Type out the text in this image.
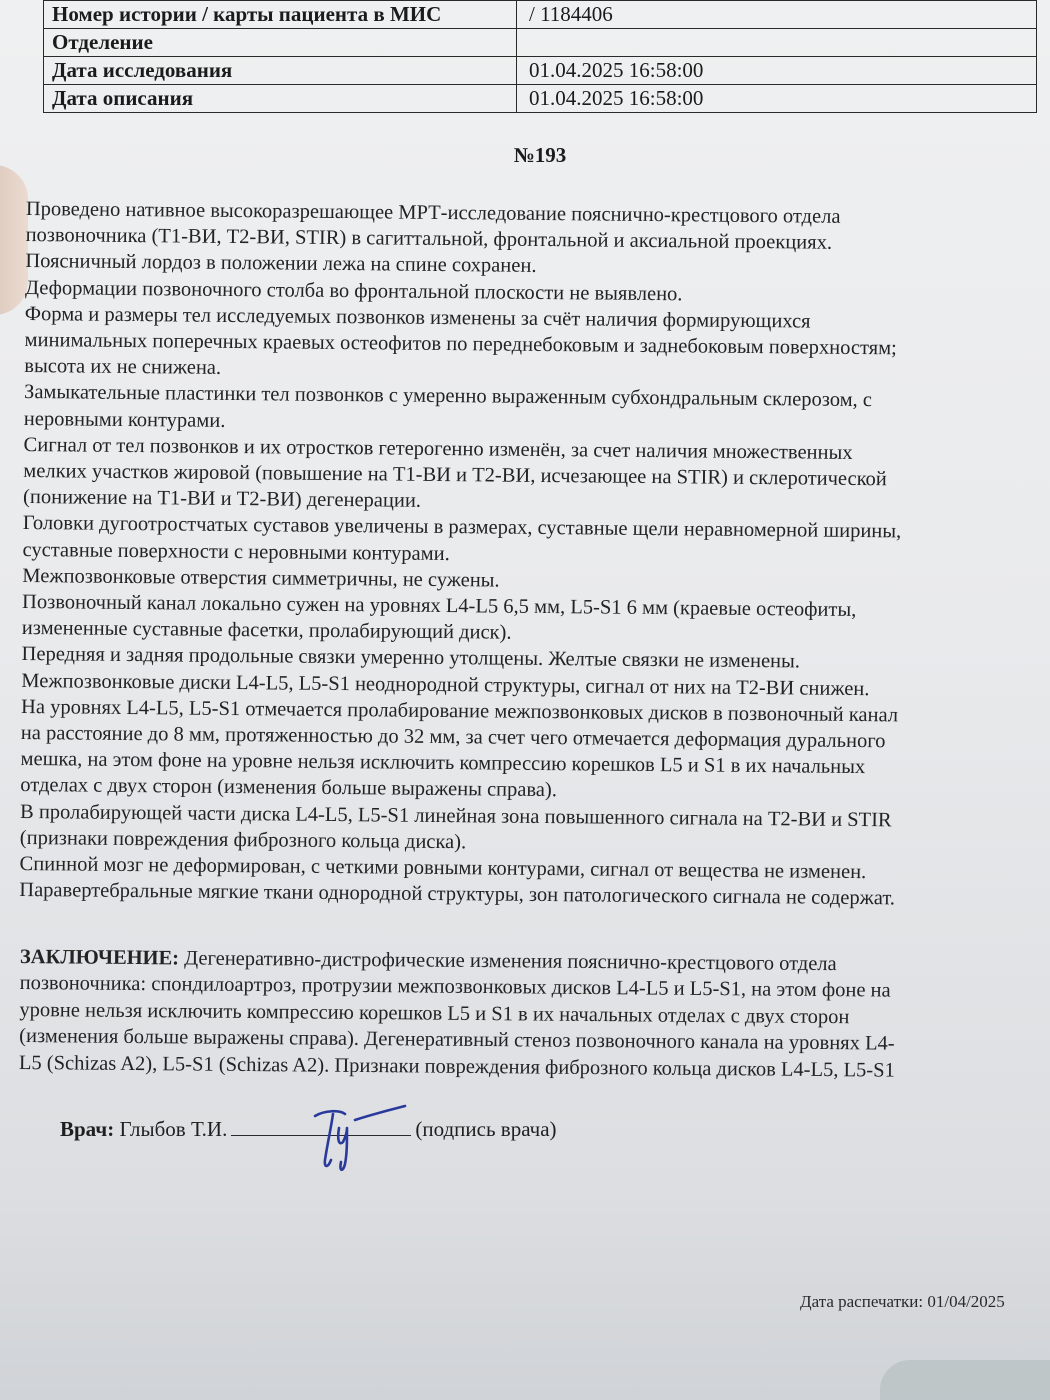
Номер истории / карты пациента в МИС	/ 1184406
Отделение	
Дата исследования	01.04.2025 16:58:00
Дата описания	01.04.2025 16:58:00
№193

Проведено нативное высокоразрешающее МРТ-исследование пояснично-крестцового отдела

позвоночника (Т1-ВИ, Т2-ВИ, STIR) в сагиттальной, фронтальной и аксиальной проекциях.

Поясничный лордоз в положении лежа на спине сохранен.

Деформации позвоночного столба во фронтальной плоскости не выявлено.

Форма и размеры тел исследуемых позвонков изменены за счёт наличия формирующихся

минимальных поперечных краевых остеофитов по переднебоковым и заднебоковым поверхностям;

высота их не снижена.

Замыкательные пластинки тел позвонков с умеренно выраженным субхондральным склерозом, с

неровными контурами.

Сигнал от тел позвонков и их отростков гетерогенно изменён, за счет наличия множественных

мелких участков жировой (повышение на Т1-ВИ и Т2-ВИ, исчезающее на STIR) и склеротической

(понижение на Т1-ВИ и Т2-ВИ) дегенерации.

Головки дугоотростчатых суставов увеличены в размерах, суставные щели неравномерной ширины,

суставные поверхности с неровными контурами.

Межпозвонковые отверстия симметричны, не сужены.

Позвоночный канал локально сужен на уровнях L4-L5 6,5 мм, L5-S1 6 мм (краевые остеофиты,

измененные суставные фасетки, пролабирующий диск).

Передняя и задняя продольные связки умеренно утолщены. Желтые связки не изменены.

Межпозвонковые диски L4-L5, L5-S1 неоднородной структуры, сигнал от них на Т2-ВИ снижен.

На уровнях L4-L5, L5-S1 отмечается пролабирование межпозвонковых дисков в позвоночный канал

на расстояние до 8 мм, протяженностью до 32 мм, за счет чего отмечается деформация дурального

мешка, на этом фоне на уровне нельзя исключить компрессию корешков L5 и S1 в их начальных

отделах с двух сторон (изменения больше выражены справа).

В пролабирующей части диска L4-L5, L5-S1 линейная зона повышенного сигнала на Т2-ВИ и STIR

(признаки повреждения фиброзного кольца диска).

Спинной мозг не деформирован, с четкими ровными контурами, сигнал от вещества не изменен.

Паравертебральные мягкие ткани однородной структуры, зон патологического сигнала не содержат.

ЗАКЛЮЧЕНИЕ: Дегенеративно-дистрофические изменения пояснично-крестцового отдела

позвоночника: спондилоартроз, протрузии межпозвонковых дисков L4-L5 и L5-S1, на этом фоне на

уровне нельзя исключить компрессию корешков L5 и S1 в их начальных отделах с двух сторон

(изменения больше выражены справа). Дегенеративный стеноз позвоночного канала на уровнях L4-

L5 (Schizas A2), L5-S1 (Schizas A2). Признаки повреждения фиброзного кольца дисков L4-L5, L5-S1

Врач: Глыбов Т.И.	(подпись врача)
Дата распечатки: 01/04/2025
